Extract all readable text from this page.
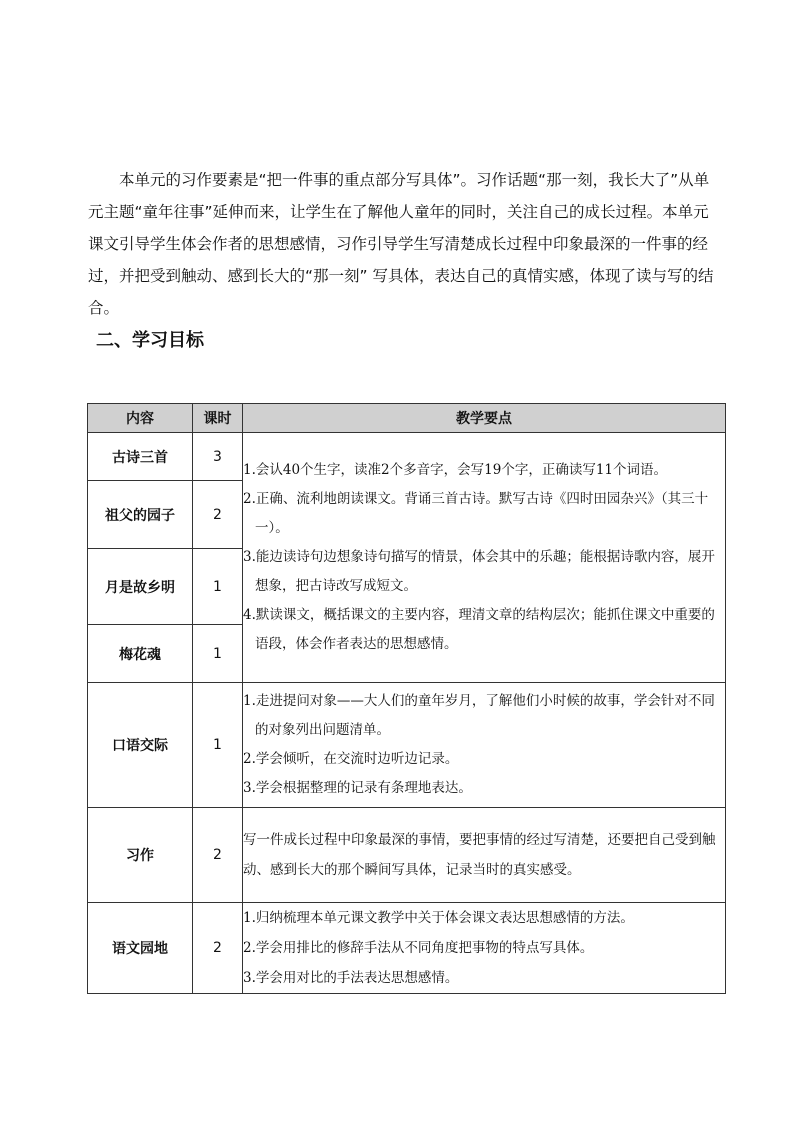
本单元的习作要素是“把一件事的重点部分写具体”。习作话题“那一刻，我长大了”从单元主题“童年往事”延伸而来，让学生在了解他人童年的同时，关注自己的成长过程。本单元课文引导学生体会作者的思想感情，习作引导学生写清楚成长过程中印象最深的一件事的经过，并把受到触动、感到长大的“那一刻” 写具体，表达自己的真情实感，体现了读与写的结合。

二、学习目标
内容	课时	教学要点
古诗三首	3	1.会认40个生字，读准2个多音字，会写19个字，正确读写11个词语。
2.正确、流利地朗读课文。背诵三首古诗。默写古诗《四时田园杂兴》（其三十一）。
3.能边读诗句边想象诗句描写的情景，体会其中的乐趣；能根据诗歌内容，展开想象，把古诗改写成短文。
4.默读课文，概括课文的主要内容，理清文章的结构层次；能抓住课文中重要的语段，体会作者表达的思想感情。

祖父的园子	2	
月是故乡明	1	
梅花魂	1	
口语交际	1	1.走进提问对象——大人们的童年岁月，了解他们小时候的故事，学会针对不同的对象列出问题清单。
2.学会倾听，在交流时边听边记录。
3.学会根据整理的记录有条理地表达。

习作	2	写一件成长过程中印象最深的事情，要把事情的经过写清楚，还要把自己受到触动、感到长大的那个瞬间写具体，记录当时的真实感受。

语文园地	2	1.归纳梳理本单元课文教学中关于体会课文表达思想感情的方法。
2.学会用排比的修辞手法从不同角度把事物的特点写具体。
3.学会用对比的手法表达思想感情。
